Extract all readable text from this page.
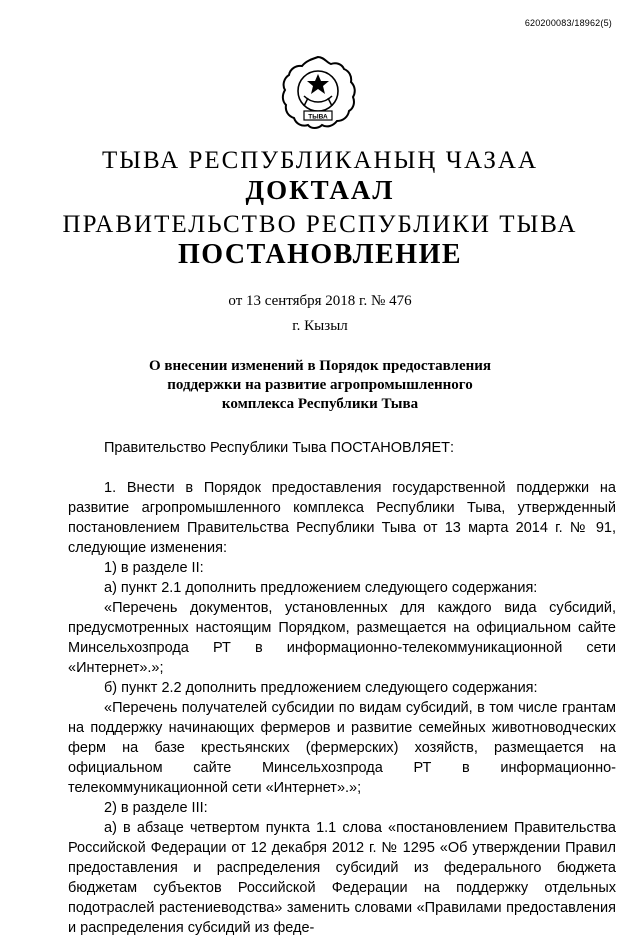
620200083/18962(5)
ТЫВА
ТЫВА РЕСПУБЛИКАНЫҢ ЧАЗАА
ДОКТААЛ
ПРАВИТЕЛЬСТВО РЕСПУБЛИКИ ТЫВА
ПОСТАНОВЛЕНИЕ
от 13 сентября 2018 г. № 476
г. Кызыл
О внесении изменений в Порядок предоставления
поддержки на развитие агропромышленного
комплекса Республики Тыва
Правительство Республики Тыва ПОСТАНОВЛЯЕТ:

1. Внести в Порядок предоставления государственной поддержки на развитие агропромышленного комплекса Республики Тыва, утвержденный постановлением Правительства Республики Тыва от 13 марта 2014 г. № 91, следующие изменения:

1) в разделе II:

а) пункт 2.1 дополнить предложением следующего содержания:

«Перечень документов, установленных для каждого вида субсидий, предусмотренных настоящим Порядком, размещается на официальном сайте Минсельхозпрода РТ в информационно-телекоммуникационной сети «Интернет».»;

б) пункт 2.2 дополнить предложением следующего содержания:

«Перечень получателей субсидии по видам субсидий, в том числе грантам на поддержку начинающих фермеров и развитие семейных животноводческих ферм на базе крестьянских (фермерских) хозяйств, размещается на официальном сайте Минсельхозпрода РТ в информационно-телекоммуникационной сети «Интернет».»;

2) в разделе III:

а) в абзаце четвертом пункта 1.1 слова «постановлением Правительства Российской Федерации от 12 декабря 2012 г. № 1295 «Об утверждении Правил предоставления и распределения субсидий из федерального бюджета бюджетам субъектов Российской Федерации на поддержку отдельных подотраслей растениеводства» заменить словами «Правилами предоставления и распределения субсидий из феде-
